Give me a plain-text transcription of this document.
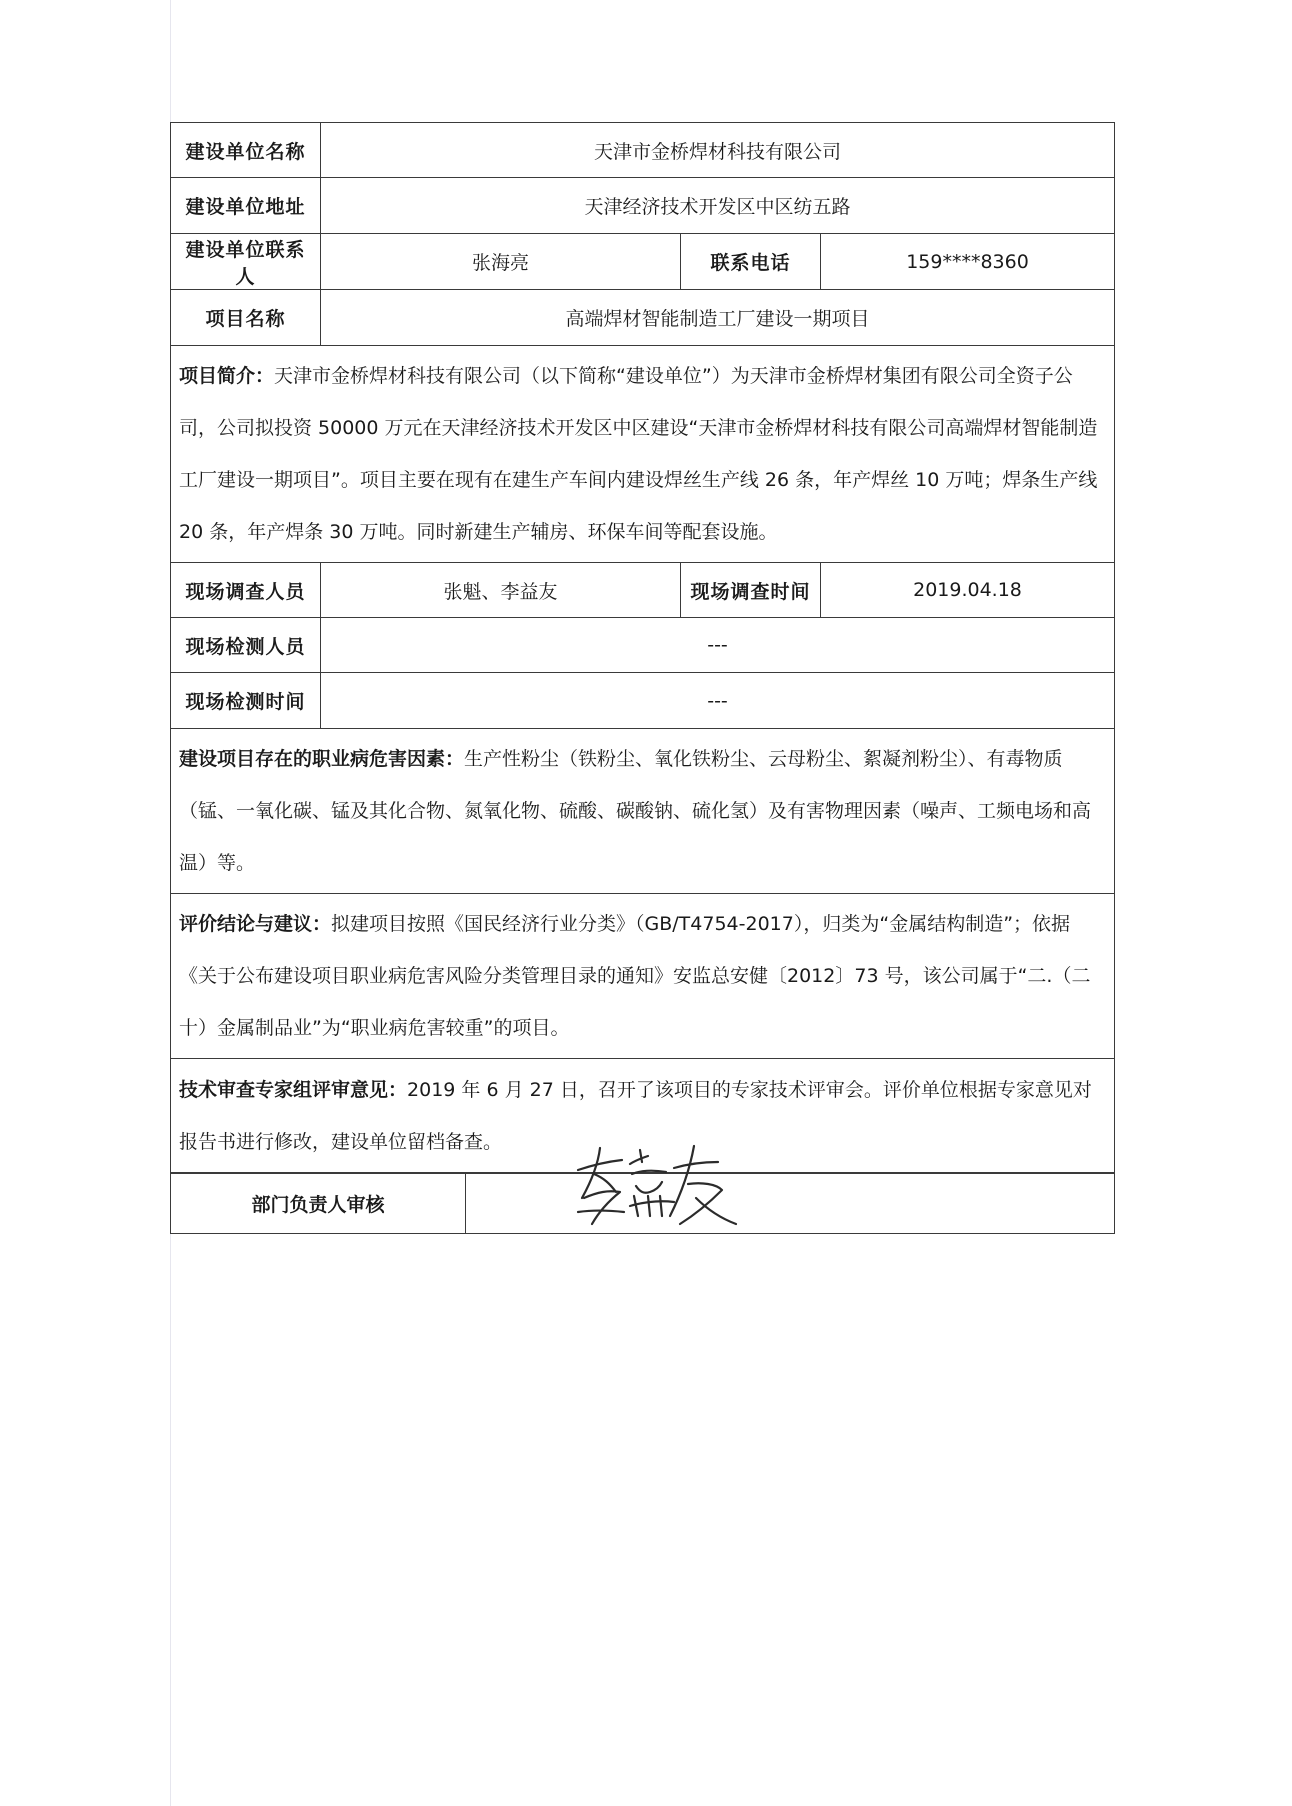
建设单位名称	天津市金桥焊材科技有限公司		
建设单位地址	天津经济技术开发区中区纺五路		
建设单位联系人	张海亮	联系电话	159****8360
项目名称	高端焊材智能制造工厂建设一期项目		
项目简介：天津市金桥焊材科技有限公司（以下简称“建设单位”）为天津市金桥焊材集团有限公司全资子公司，公司拟投资 50000 万元在天津经济技术开发区中区建设“天津市金桥焊材科技有限公司高端焊材智能制造工厂建设一期项目”。项目主要在现有在建生产车间内建设焊丝生产线 26 条，年产焊丝 10 万吨；焊条生产线 20 条，年产焊条 30 万吨。同时新建生产辅房、环保车间等配套设施。			
现场调查人员	张魁、李益友	现场调查时间	2019.04.18
现场检测人员	---		
现场检测时间	---		
建设项目存在的职业病危害因素：生产性粉尘（铁粉尘、氧化铁粉尘、云母粉尘、絮凝剂粉尘）、有毒物质（锰、一氧化碳、锰及其化合物、氮氧化物、硫酸、碳酸钠、硫化氢）及有害物理因素（噪声、工频电场和高温）等。			
评价结论与建议：拟建项目按照《国民经济行业分类》（GB/T4754-2017），归类为“金属结构制造”；依据《关于公布建设项目职业病危害风险分类管理目录的通知》安监总安健〔2012〕73 号，该公司属于“二.（二十）金属制品业”为“职业病危害较重”的项目。			
技术审查专家组评审意见：2019 年 6 月 27 日，召开了该项目的专家技术评审会。评价单位根据专家意见对报告书进行修改，建设单位留档备查。			
部门负责人审核	
